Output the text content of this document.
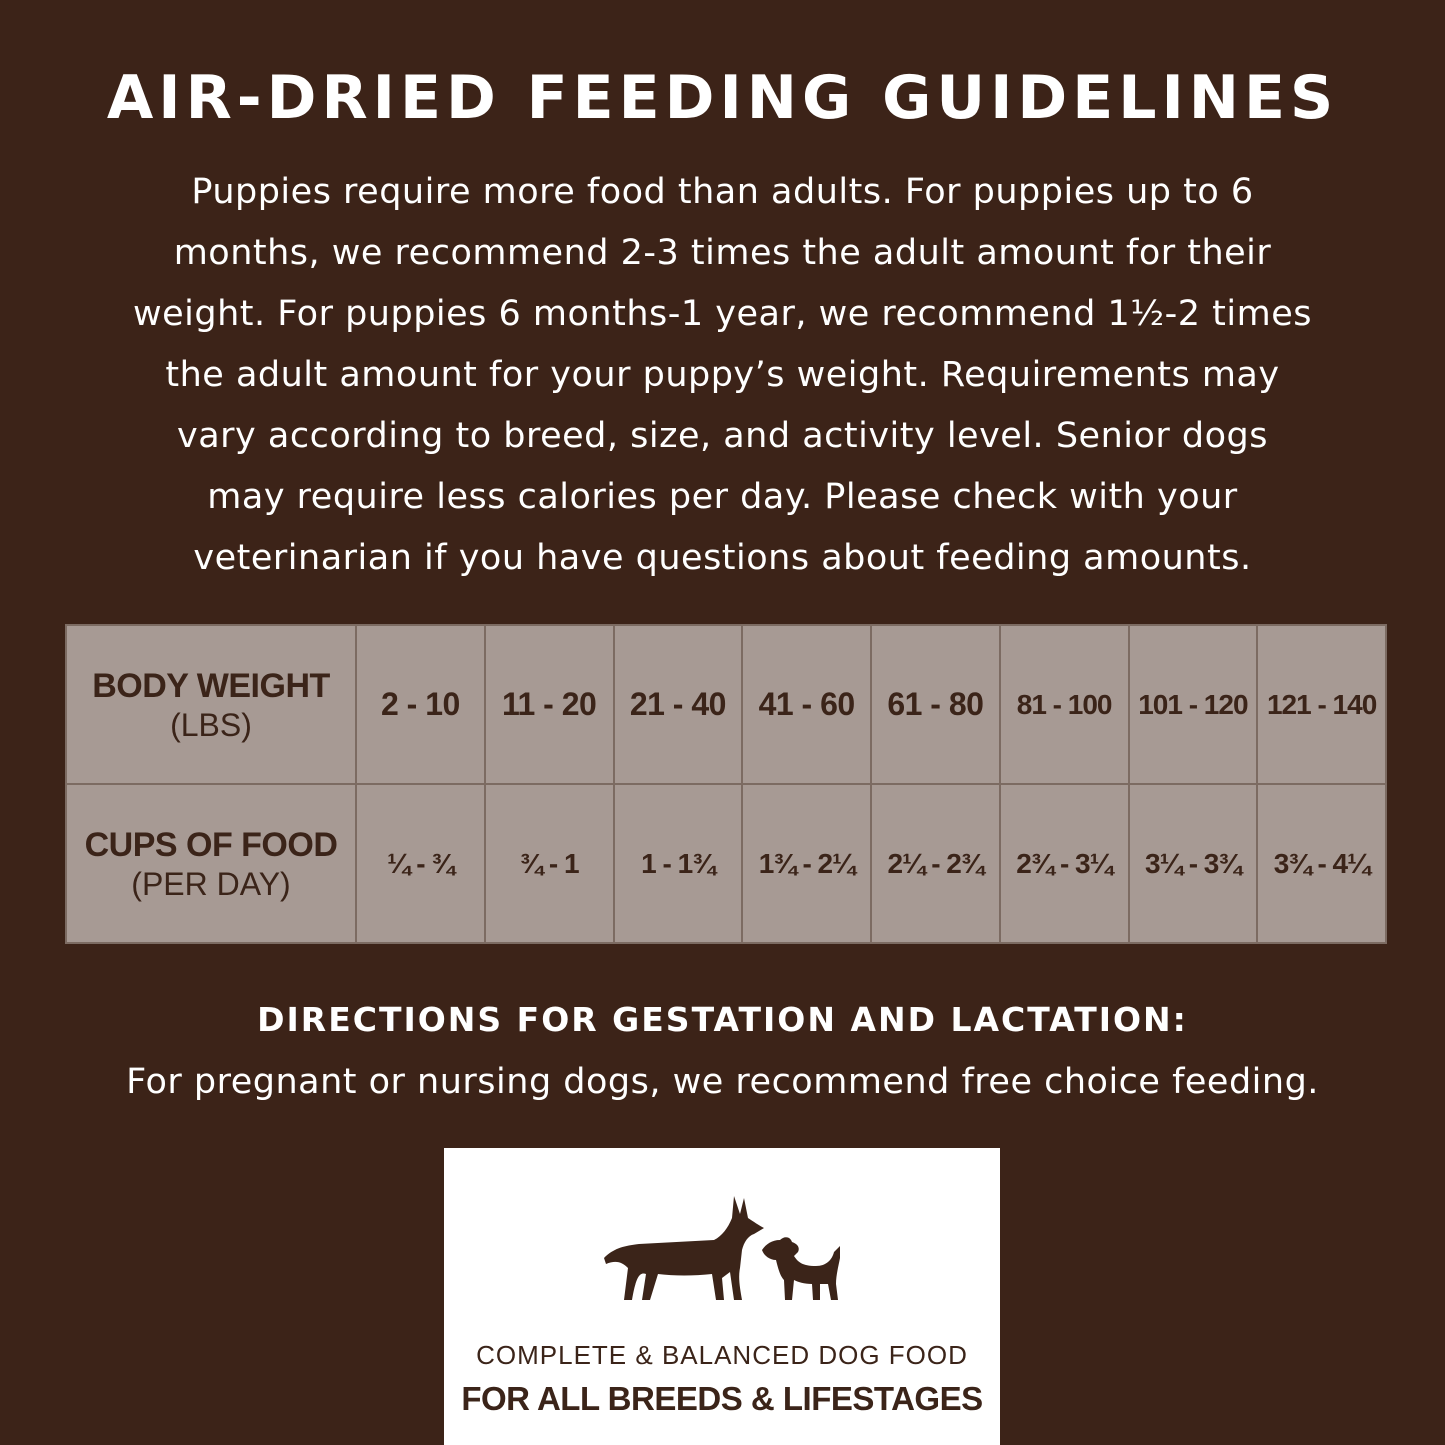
AIR-DRIED FEEDING GUIDELINES
Puppies require more food than adults. For puppies up to 6
months, we recommend 2-3 times the adult amount for their
weight. For puppies 6 months-1 year, we recommend 1½-2 times
the adult amount for your puppy’s weight. Requirements may
vary according to breed, size, and activity level. Senior dogs
may require less calories per day. Please check with your
veterinarian if you have questions about feeding amounts.
BODY WEIGHT
(LBS)	2 - 10	11 - 20	21 - 40	41 - 60	61 - 80	81 - 100	101 - 120	121 - 140

CUPS OF FOOD
(PER DAY)	¼ - ¾	¾ - 1	1 - 1¾	1¾ - 2¼	2¼ - 2¾	2¾ - 3¼	3¼ - 3¾	3¾ - 4¼
DIRECTIONS FOR GESTATION AND LACTATION:
For pregnant or nursing dogs, we recommend free choice feeding.
COMPLETE & BALANCED DOG FOOD
FOR ALL BREEDS & LIFESTAGES
